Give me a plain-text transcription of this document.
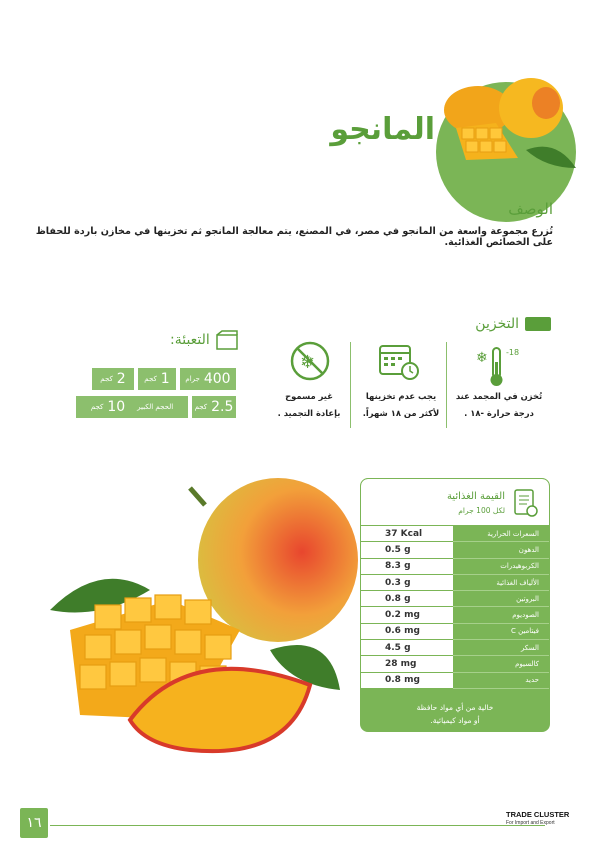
المانجو
الوصف
تُزرع مجموعة واسعة من المانجو في مصر، في المصنع، يتم معالجة المانجو ثم تخزينها في مخازن باردة للحفاظ على الخصائص الغذائية.
التخزين
❄ -18
❄
تُخزن في المجمد عند
درجة حرارة -١٨ .
يجب عدم تخزينها
لأكثر من ١٨ شهراً.
غير مسموح
بإعادة التجميد .
التعبئة:
جرام 400
كجم 1
كجم 2
كجم 2.5
كجم 10 الحجم الكبير
القيمة الغذائية
لكل 100 جرام
37 Kcal	السعرات الحرارية
0.5 g	الدهون
8.3 g	الكربوهيدرات
0.3 g	الألياف الغذائية
0.8 g	البروتين
0.2 mg	الصوديوم
0.6 mg	فيتامين C
4.5 g	السكر
28 mg	كالسيوم
0.8 mg	حديد
خالية من أي مواد حافظة
أو مواد كيميائية.
١٦
TRADE CLUSTER
For Import and Export
